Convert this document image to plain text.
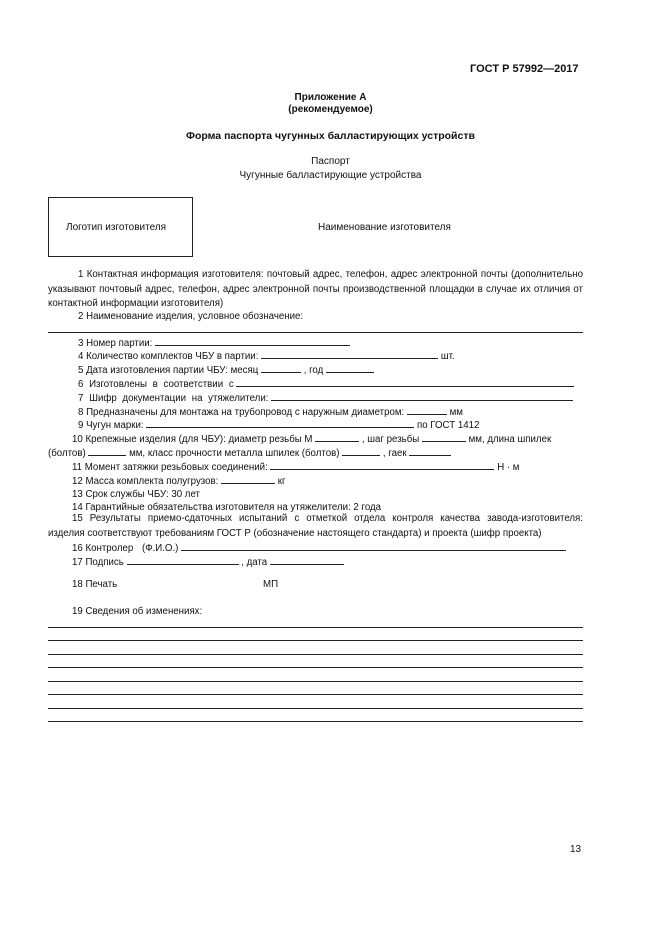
ГОСТ Р 57992—2017
Приложение А
(рекомендуемое)
Форма паспорта чугунных балластирующих устройств
Паспорт
Чугунные балластирующие устройства
Логотип изготовителя	Наименование изготовителя
1 Контактная информация изготовителя: почтовый адрес, телефон, адрес электронной почты (дополнительно указывают почтовый адрес, телефон, адрес электронной почты производственной площадки в случае их отличия от контактной информации изготовителя)
2 Наименование изделия, условное обозначение:
3 Номер партии:
4 Количество комплектов ЧБУ в партии:	шт.
5 Дата изготовления партии ЧБУ: месяц	, год
6 Изготовлены в соответствии с
7 Шифр документации на утяжелители:
8 Предназначены для монтажа на трубопровод с наружным диаметром:	мм
9 Чугун марки:	по ГОСТ 1412
10 Крепежные изделия (для ЧБУ): диаметр резьбы М	, шаг резьбы	мм, длина шпилек
(болтов)	мм, класс прочности металла шпилек (болтов)	, гаек
11 Момент затяжки резьбовых соединений:	Н · м
12 Масса комплекта полугрузов:	кг
13 Срок службы ЧБУ: 30 лет
14 Гарантийные обязательства изготовителя на утяжелители: 2 года
15 Результаты приемо-сдаточных испытаний с отметкой отдела контроля качества завода-изготовителя: изделия соответствуют требованиям ГОСТ Р (обозначение настоящего стандарта) и проекта (шифр проекта)
16 Контролер (Ф.И.О.)
17 Подпись	, дата
18 Печать	МП
19 Сведения об изменениях:
13
